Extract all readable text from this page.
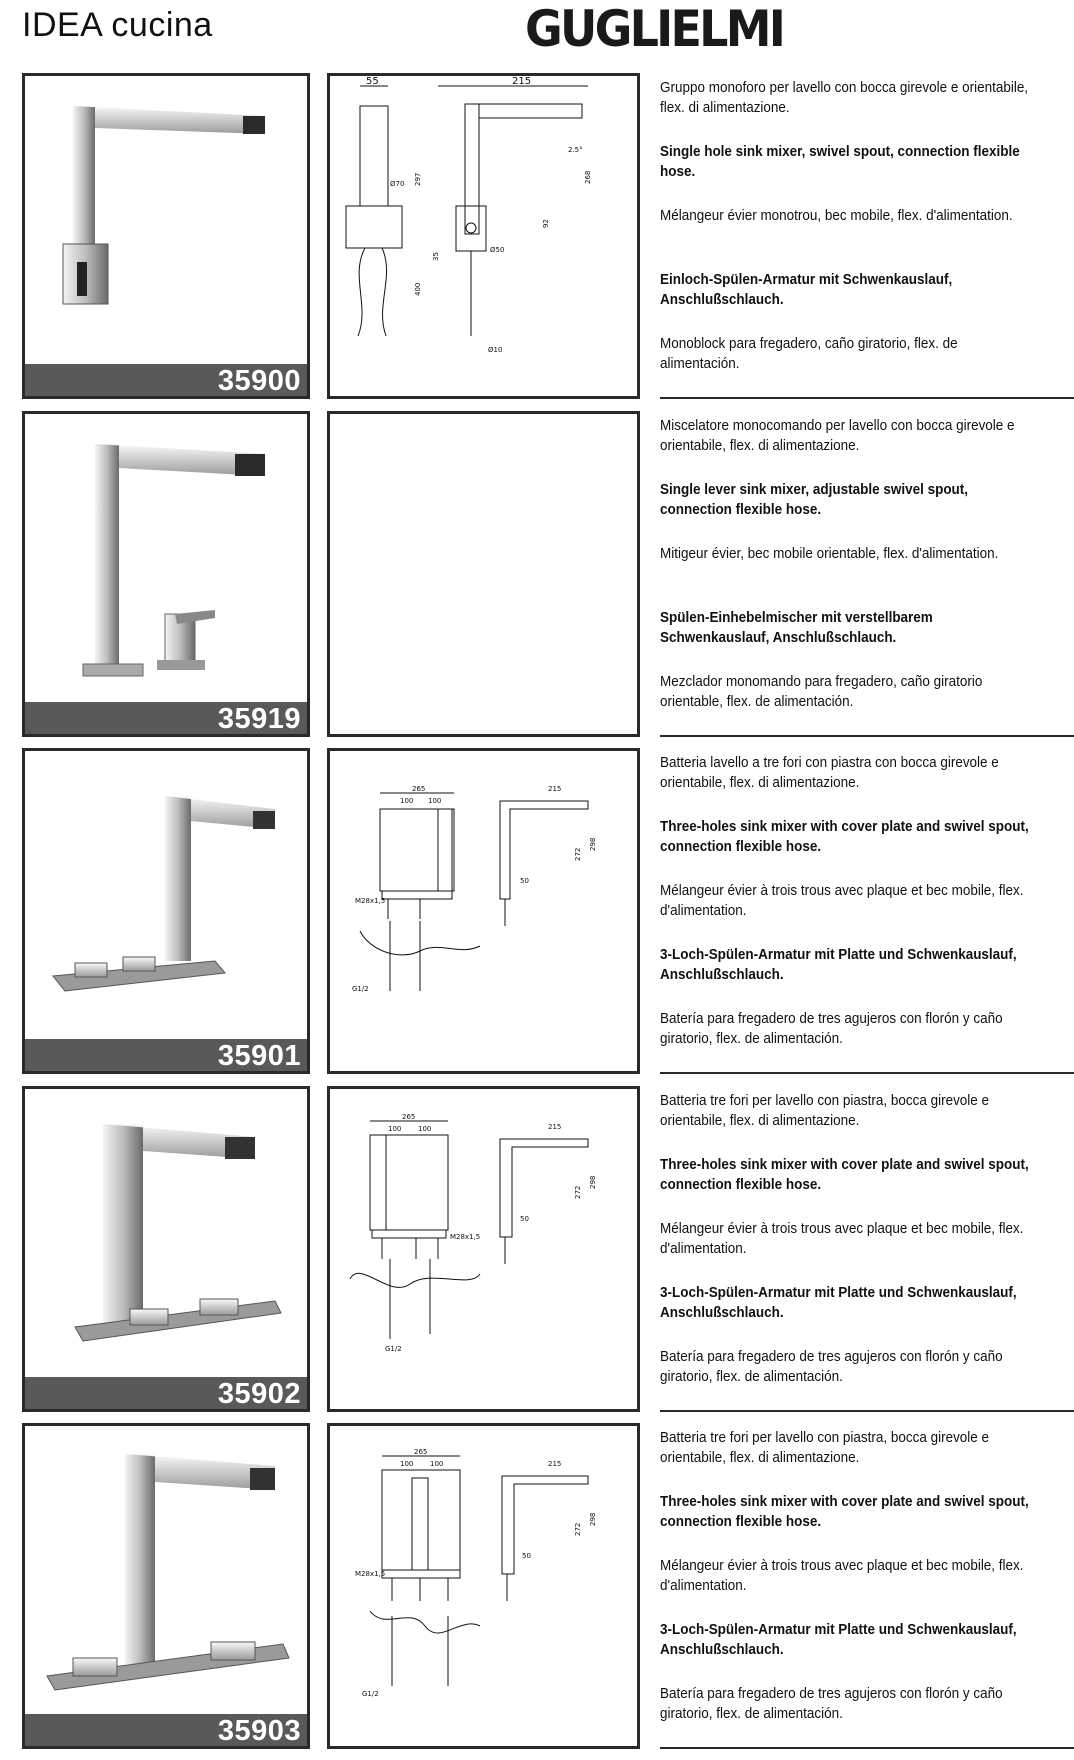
IDEA cucina	GUGLIELMI
35900
55	215
Ø70 297
400
35
Ø50
92
268
2.5°
Ø10

Gruppo monoforo per lavello con bocca girevole e orientabile, flex. di alimentazione.

Single hole sink mixer, swivel spout, connection flexible hose.

Mélangeur évier monotrou, bec mobile, flex. d'alimentation.

Einloch-Spülen-Armatur mit Schwenkauslauf, Anschlußschlauch.

Monoblock para fregadero, caño giratorio, flex. de alimentación.

35919

Miscelatore monocomando per lavello con bocca girevole e orientabile, flex. di alimentazione.

Single lever sink mixer, adjustable swivel spout, connection flexible hose.

Mitigeur évier, bec mobile orientable, flex. d'alimentation.

Spülen-Einhebelmischer mit verstellbarem Schwenkauslauf, Anschlußschlauch.

Mezclador monomando para fregadero, caño giratorio orientable, flex. de alimentación.

35901
265
100 100
M28x1,5
G1/2
215
272
298
50

Batteria lavello a tre fori con piastra con bocca girevole e orientabile, flex. di alimentazione.

Three-holes sink mixer with cover plate and swivel spout, connection flexible hose.

Mélangeur évier à trois trous avec plaque et bec mobile, flex. d'alimentation.

3-Loch-Spülen-Armatur mit Platte und Schwenkauslauf, Anschlußschlauch.

Batería para fregadero de tres agujeros con florón y caño giratorio, flex. de alimentación.

35902
265
100 100
M28x1,5
G1/2
215
272
298
50

Batteria tre fori per lavello con piastra, bocca girevole e orientabile, flex. di alimentazione.

Three-holes sink mixer with cover plate and swivel spout, connection flexible hose.

Mélangeur évier à trois trous avec plaque et bec mobile, flex. d'alimentation.

3-Loch-Spülen-Armatur mit Platte und Schwenkauslauf, Anschlußschlauch.

Batería para fregadero de tres agujeros con florón y caño giratorio, flex. de alimentación.

35903
265
100 100
M28x1,5
G1/2
215
272
298
50

Batteria tre fori per lavello con piastra, bocca girevole e orientabile, flex. di alimentazione.

Three-holes sink mixer with cover plate and swivel spout, connection flexible hose.

Mélangeur évier à trois trous avec plaque et bec mobile, flex. d'alimentation.

3-Loch-Spülen-Armatur mit Platte und Schwenkauslauf, Anschlußschlauch.

Batería para fregadero de tres agujeros con florón y caño giratorio, flex. de alimentación.
